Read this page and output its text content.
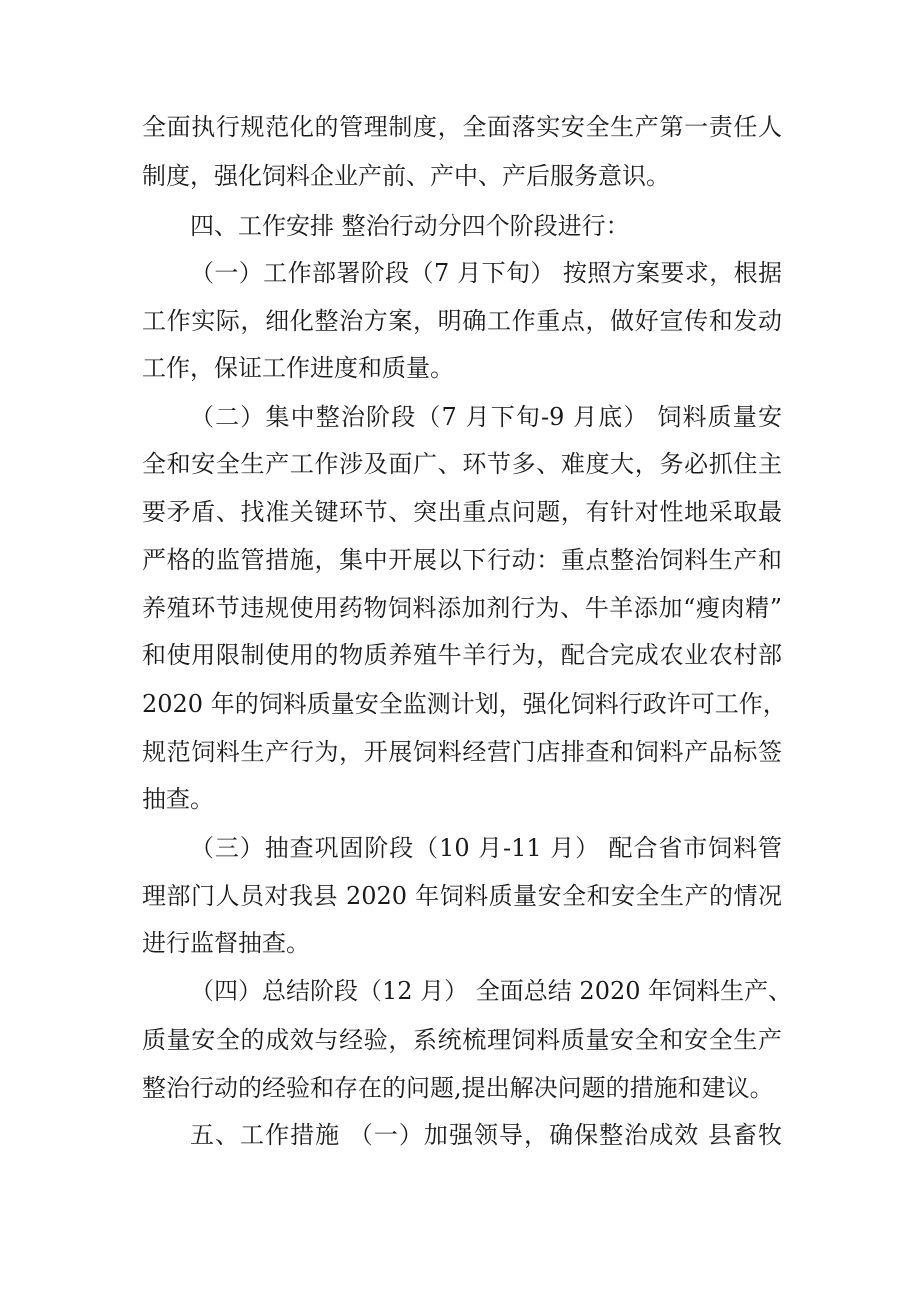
全面执行规范化的管理制度，全面落实安全生产第一责任人
制度，强化饲料企业产前、产中、产后服务意识。
四、工作安排 整治行动分四个阶段进行：
（一）工作部署阶段（7 月下旬） 按照方案要求，根据
工作实际，细化整治方案，明确工作重点，做好宣传和发动
工作，保证工作进度和质量。
（二）集中整治阶段（7 月下旬-9 月底） 饲料质量安
全和安全生产工作涉及面广、环节多、难度大，务必抓住主
要矛盾、找准关键环节、突出重点问题，有针对性地采取最
严格的监管措施，集中开展以下行动：重点整治饲料生产和
养殖环节违规使用药物饲料添加剂行为、牛羊添加“瘦肉精”
和使用限制使用的物质养殖牛羊行为，配合完成农业农村部
2020 年的饲料质量安全监测计划，强化饲料行政许可工作，
规范饲料生产行为，开展饲料经营门店排查和饲料产品标签
抽查。
（三）抽查巩固阶段（10 月-11 月） 配合省市饲料管
理部门人员对我县 2020 年饲料质量安全和安全生产的情况
进行监督抽查。
（四）总结阶段（12 月） 全面总结 2020 年饲料生产、
质量安全的成效与经验，系统梳理饲料质量安全和安全生产
整治行动的经验和存在的问题,提出解决问题的措施和建议。
五、工作措施 （一）加强领导，确保整治成效 县畜牧
